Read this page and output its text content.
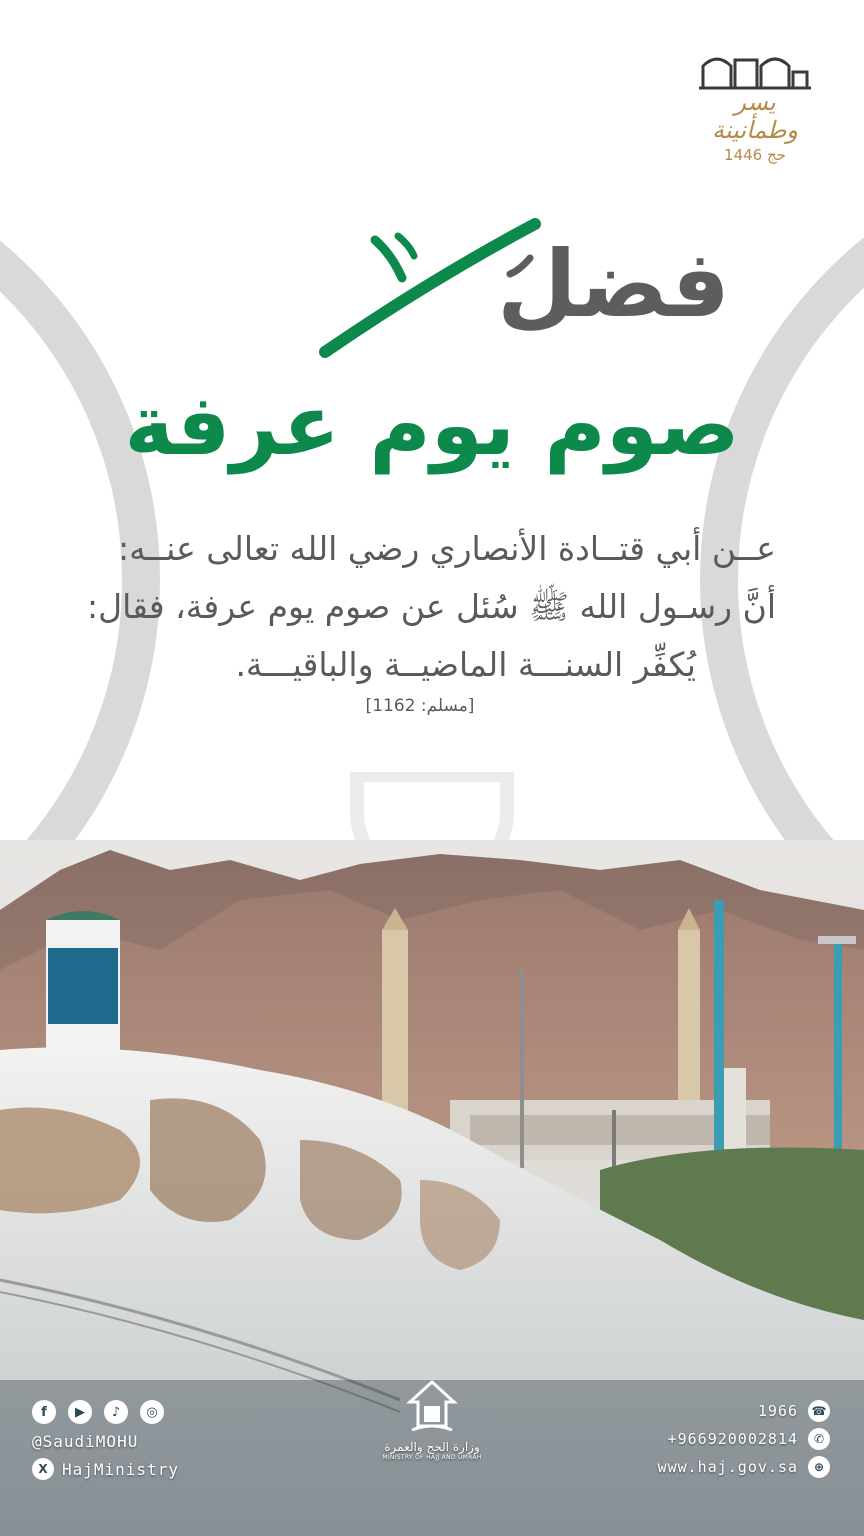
يسر وطمأنينة
حج 1446
فضل
صوم يوم عرفة
عــن أبي قتــادة الأنصاري رضي الله تعالى عنــه:
أنَّ رسـول الله ﷺ سُئل عن صوم يوم عرفة، فقال:
يُكفِّر السنـــة الماضيــة والباقيـــة.
[مسلم: 1162]
f	▶	♪	◎
@SaudiMOHU
X HajMinistry
وزارة الحج والعمرة
MINISTRY OF HAJJ AND UMRAH
1966 ☎
+966920002814	✆
www.haj.gov.sa	⊕
